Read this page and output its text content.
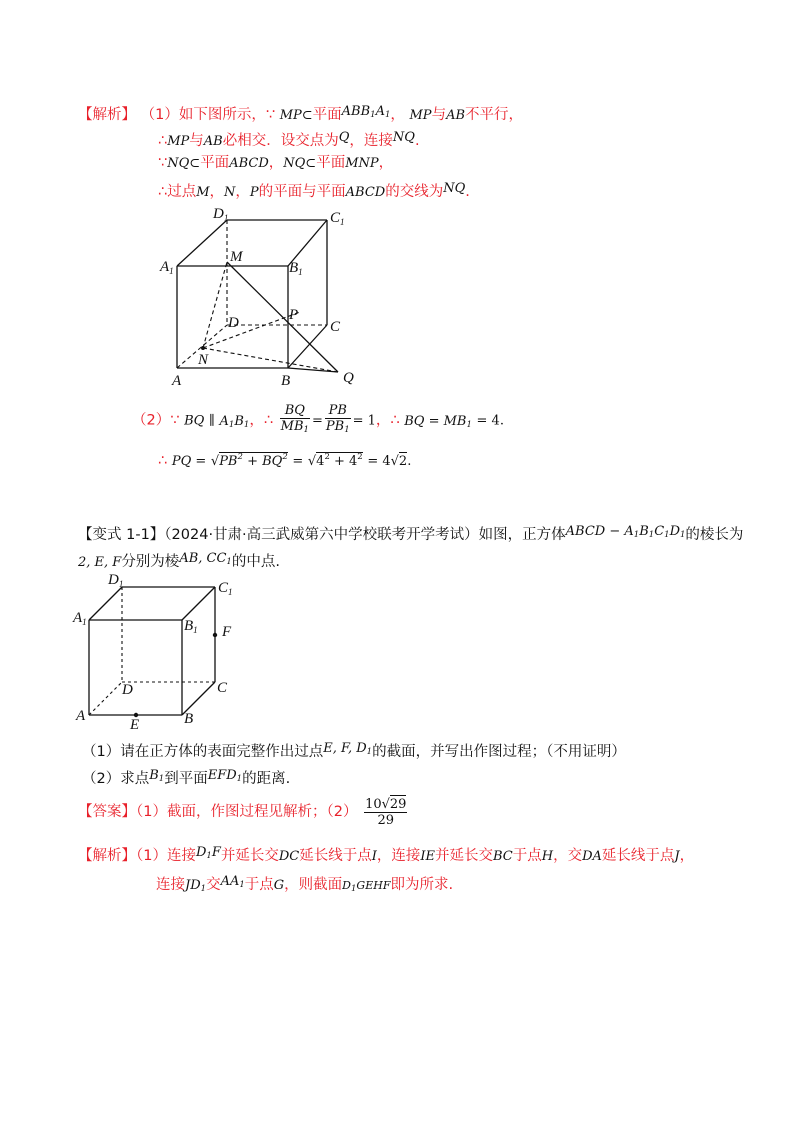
【解析】 （1）如下图所示，∵ MP⊂平面$ABB_1A_1$， MP与AB不平行，
∴MP与AB必相交．设交点为Q，连接NQ.
∵NQ⊂平面ABCD，NQ⊂平面MNP，
∴过点M，N，P的平面与平面ABCD的交线为NQ.
$D_1$	$C_1$
$A_1$	$B_1$
M
P
D	C
N
A	B	Q
（2）∵ BQ ∥ $A_1B_1$，∴ $\frac{BQ}{MB_1} = \frac{PB}{PB_1} = 1$，∴ BQ = $MB_1 = 4$.
∴ PQ = $√PB^2 + BQ^2 = √4^2 + 4^2 = 4√2$.
【变式 1-1】（2024·甘肃·高三武威第六中学校联考开学考试）如图，正方体ABCD − $A_1B_1C_1D_1$的棱长为
2, E, F分别为棱AB, $CC_1$的中点.
$D_1$	$C_1$
$A_1$	$B_1$ F
D	C
A
E	B
（1）请在正方体的表面完整作出过点E, F, $D_1$的截面，并写出作图过程；（不用证明）
（2）求点$B_1$到平面$EFD_1$的距离.
【答案】（1）截面，作图过程见解析；$(2) \frac{10√29}{29}$
【解析】（1）连接$D_1F$并延长交DC延长线于点I，连接IE并延长交BC于点H，交DA延长线于点J，
连接$JD_1$交$AA_1$于点G，则截面$D_1GEHF$即为所求.
